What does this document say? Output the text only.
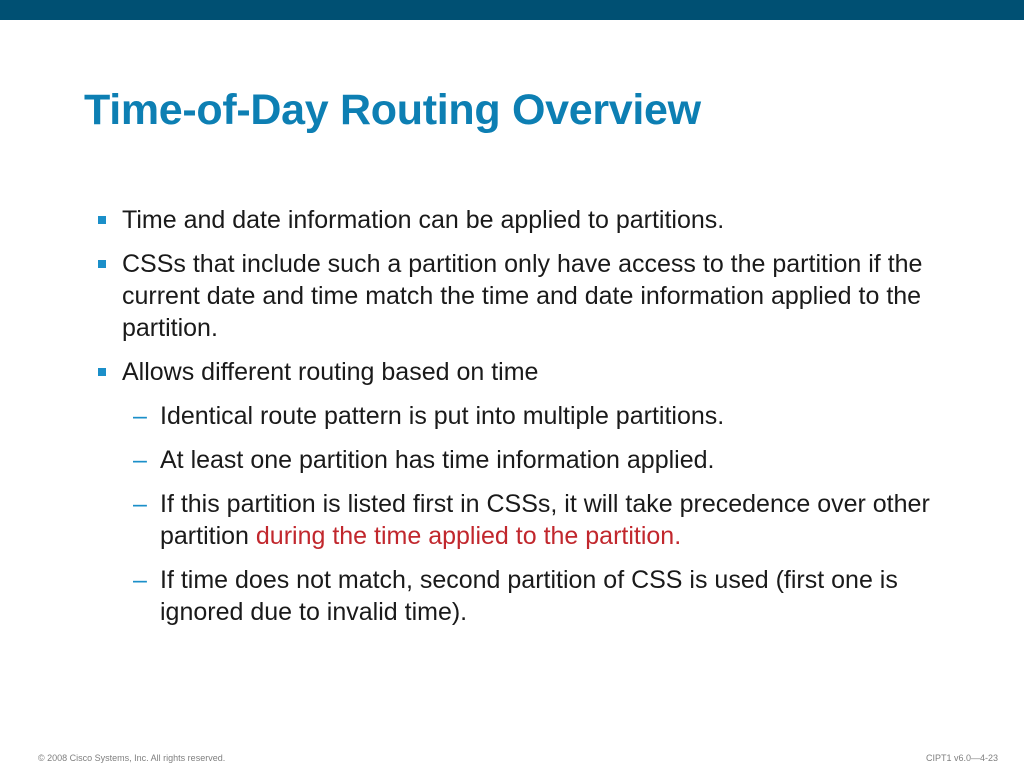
Time-of-Day Routing Overview
Time and date information can be applied to partitions.
CSSs that include such a partition only have access to the partition if the current date and time match the time and date information applied to the partition.
Allows different routing based on time
– Identical route pattern is put into multiple partitions.
– At least one partition has time information applied.
– If this partition is listed first in CSSs, it will take precedence over other partition during the time applied to the partition.
– If time does not match, second partition of CSS is used (first one is ignored due to invalid time).
© 2008 Cisco Systems, Inc. All rights reserved.	CIPT1 v6.0—4-23
